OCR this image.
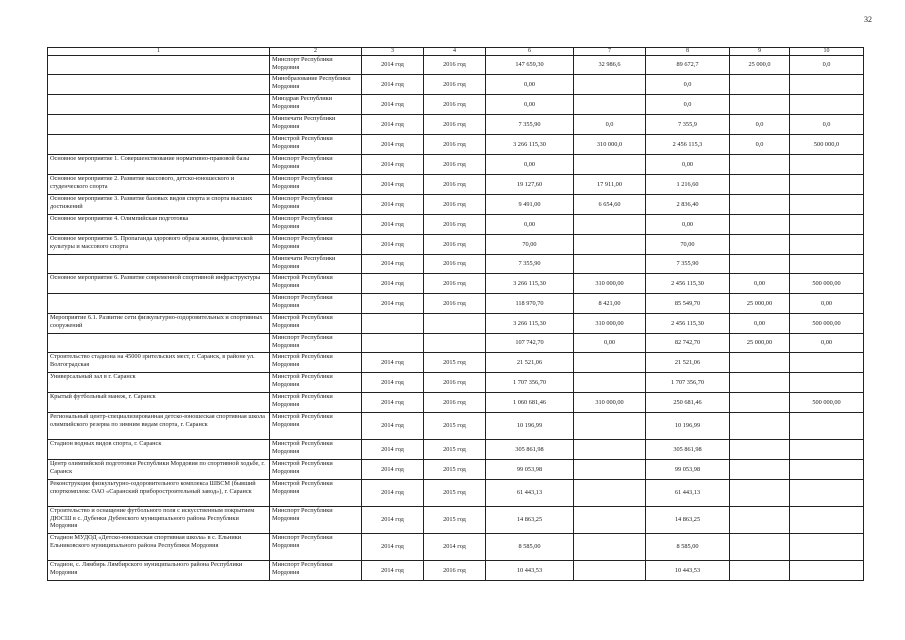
32
1	2	3	4	6	7	8	9	10
	Минспорт Республики Мордовия	2014 год	2016 год	147 659,30	32 986,6	89 672,7	25 000,0	0,0
	Минобразование Республики Мордовия	2014 год	2016 год	0,00		0,0		
	Минздрав Республики Мордовия	2014 год	2016 год	0,00		0,0		
	Минпечати Республики Мордовия	2014 год	2016 год	7 355,90	0,0	7 355,9	0,0	0,0
	Минстрой Республики Мордовия	2014 год	2016 год	3 266 115,30	310 000,0	2 456 115,3	0,0	500 000,0
Основное мероприятие 1. Совершенствование нормативно-правовой базы	Минспорт Республики Мордовия	2014 год	2016 год	0,00		0,00		
Основное мероприятие 2. Развитие массового, детско-юношеского и студенческого спорта	Минспорт Республики Мордовия	2014 год	2016 год	19 127,60	17 911,00	1 216,60		
Основное мероприятие 3. Развитие базовых видов спорта и спорта высших достижений	Минспорт Республики Мордовия	2014 год	2016 год	9 491,00	6 654,60	2 836,40		
Основное мероприятие 4. Олимпийская подготовка	Минспорт Республики Мордовия	2014 год	2016 год	0,00		0,00		
Основное мероприятие 5. Пропаганда здорового образа жизни, физической культуры и массового спорта	Минспорт Республики Мордовия	2014 год	2016 год	70,00		70,00		
	Минпечати Республики Мордовия	2014 год	2016 год	7 355,90		7 355,90		
Основное мероприятие 6. Развитие современной спортивной инфраструктуры	Минстрой Республики Мордовия	2014 год	2016 год	3 266 115,30	310 000,00	2 456 115,30	0,00	500 000,00
	Минспорт Республики Мордовия	2014 год	2016 год	118 970,70	8 421,00	85 549,70	25 000,00	0,00
Мероприятие 6.1. Развитие сети физкультурно-оздоровительных и спортивных сооружений	Минстрой Республики Мордовия			3 266 115,30	310 000,00	2 456 115,30	0,00	500 000,00
	Минспорт Республики Мордовия			107 742,70	0,00	82 742,70	25 000,00	0,00
Строительство стадиона на 45000 зрительских мест, г. Саранск, в районе ул. Волгоградская	Минстрой Республики Мордовия	2014 год	2015 год	21 521,06		21 521,06		
Универсальный зал в г. Саранск	Минстрой Республики Мордовия	2014 год	2016 год	1 707 356,70		1 707 356,70		
Крытый футбольный манеж, г. Саранск	Минстрой Республики Мордовия	2014 год	2016 год	1 060 681,46	310 000,00	250 681,46		500 000,00
Региональный центр-специализированная детско-юношеская спортивная школа олимпийского резерва по зимним видам спорта, г. Саранск	Минстрой Республики Мордовия	2014 год	2015 год	10 196,99		10 196,99		
Стадион водных видов спорта, г. Саранск	Минстрой Республики Мордовия	2014 год	2015 год	305 861,98		305 861,98		
Центр олимпийской подготовки Республики Мордовия по спортивной ходьбе, г. Саранск	Минстрой Республики Мордовия	2014 год	2015 год	99 053,98		99 053,98		
Реконструкция физкультурно-оздоровительного комплекса ШВСМ (бывший спорткомплекс ОАО «Саранский приборостроительный завод»), г. Саранск	Минстрой Республики Мордовия	2014 год	2015 год	61 443,13		61 443,13		
Строительство и оснащение футбольного поля с искусственным покрытием ДЮСШ в с. Дубенки Дубенского муниципального района Республики Мордовия	Минспорт Республики Мордовия	2014 год	2015 год	14 863,25		14 863,25		
Стадион МУДОД «Детско-юношеская спортивная школа» в с. Ельники Ельниковского муниципального района Республики Мордовия	Минспорт Республики Мордовия	2014 год	2014 год	8 585,00		8 585,00		
Стадион, с. Лямбирь Лямбирского муниципального района Республики Мордовия	Минспорт Республики Мордовия	2014 год	2016 год	10 443,53		10 443,53		
